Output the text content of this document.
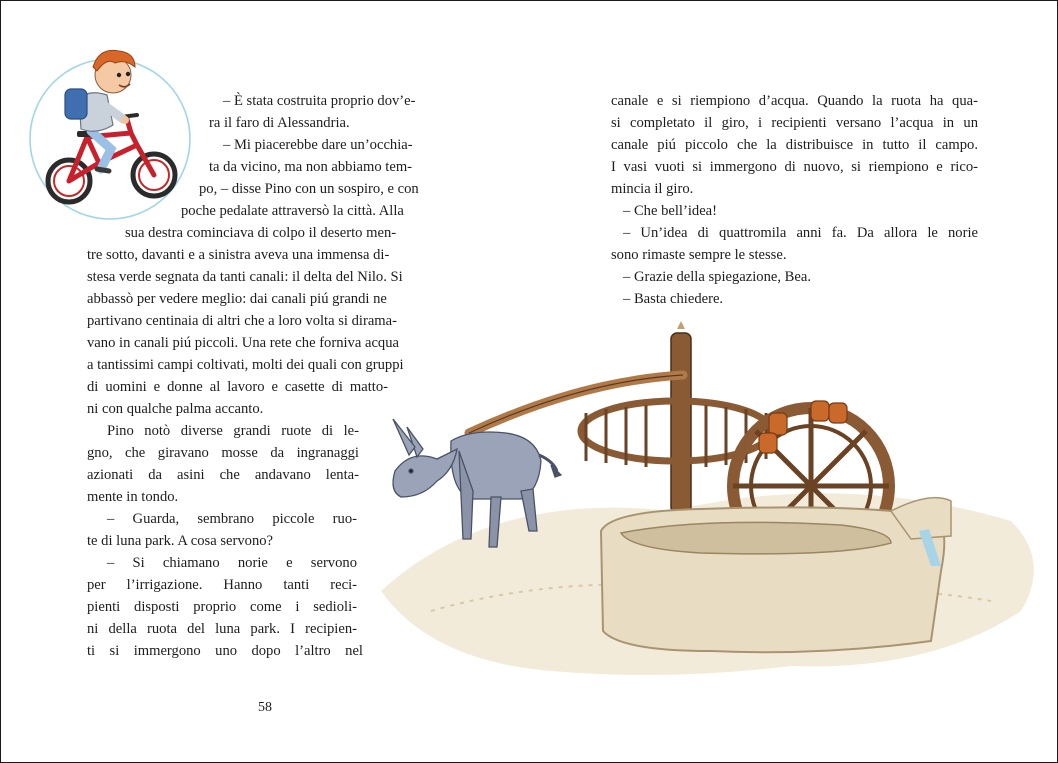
– È stata costruita proprio dov’e-
ra il faro di Alessandria.
– Mi piacerebbe dare un’occhia-
ta da vicino, ma non abbiamo tem-
po, – disse Pino con un sospiro, e con
poche pedalate attraversò la città. Alla
sua destra cominciava di colpo il deserto men-
tre sotto, davanti e a sinistra aveva una immensa di-
stesa verde segnata da tanti canali: il delta del Nilo. Si
abbassò per vedere meglio: dai canali piú grandi ne
partivano centinaia di altri che a loro volta si dirama-
vano in canali piú piccoli. Una rete che forniva acqua
a tantissimi campi coltivati, molti dei quali con gruppi
di uomini e donne al lavoro e casette di matto-
ni con qualche palma accanto.
Pino notò diverse grandi ruote di le-
gno, che giravano mosse da ingranaggi
azionati da asini che andavano lenta-
mente in tondo.
– Guarda, sembrano piccole ruo-
te di luna park. A cosa servono?
– Si chiamano norie e servono
per l’irrigazione. Hanno tanti reci-
pienti disposti proprio come i sedioli-
ni della ruota del luna park. I recipien-
ti si immergono uno dopo l’altro nel
canale e si riempiono d’acqua. Quando la ruota ha qua-
si completato il giro, i recipienti versano l’acqua in un
canale piú piccolo che la distribuisce in tutto il campo.
I vasi vuoti si immergono di nuovo, si riempiono e rico-
mincia il giro.
– Che bell’idea!
– Un’idea di quattromila anni fa. Da allora le norie
sono rimaste sempre le stesse.
– Grazie della spiegazione, Bea.
– Basta chiedere.
58
